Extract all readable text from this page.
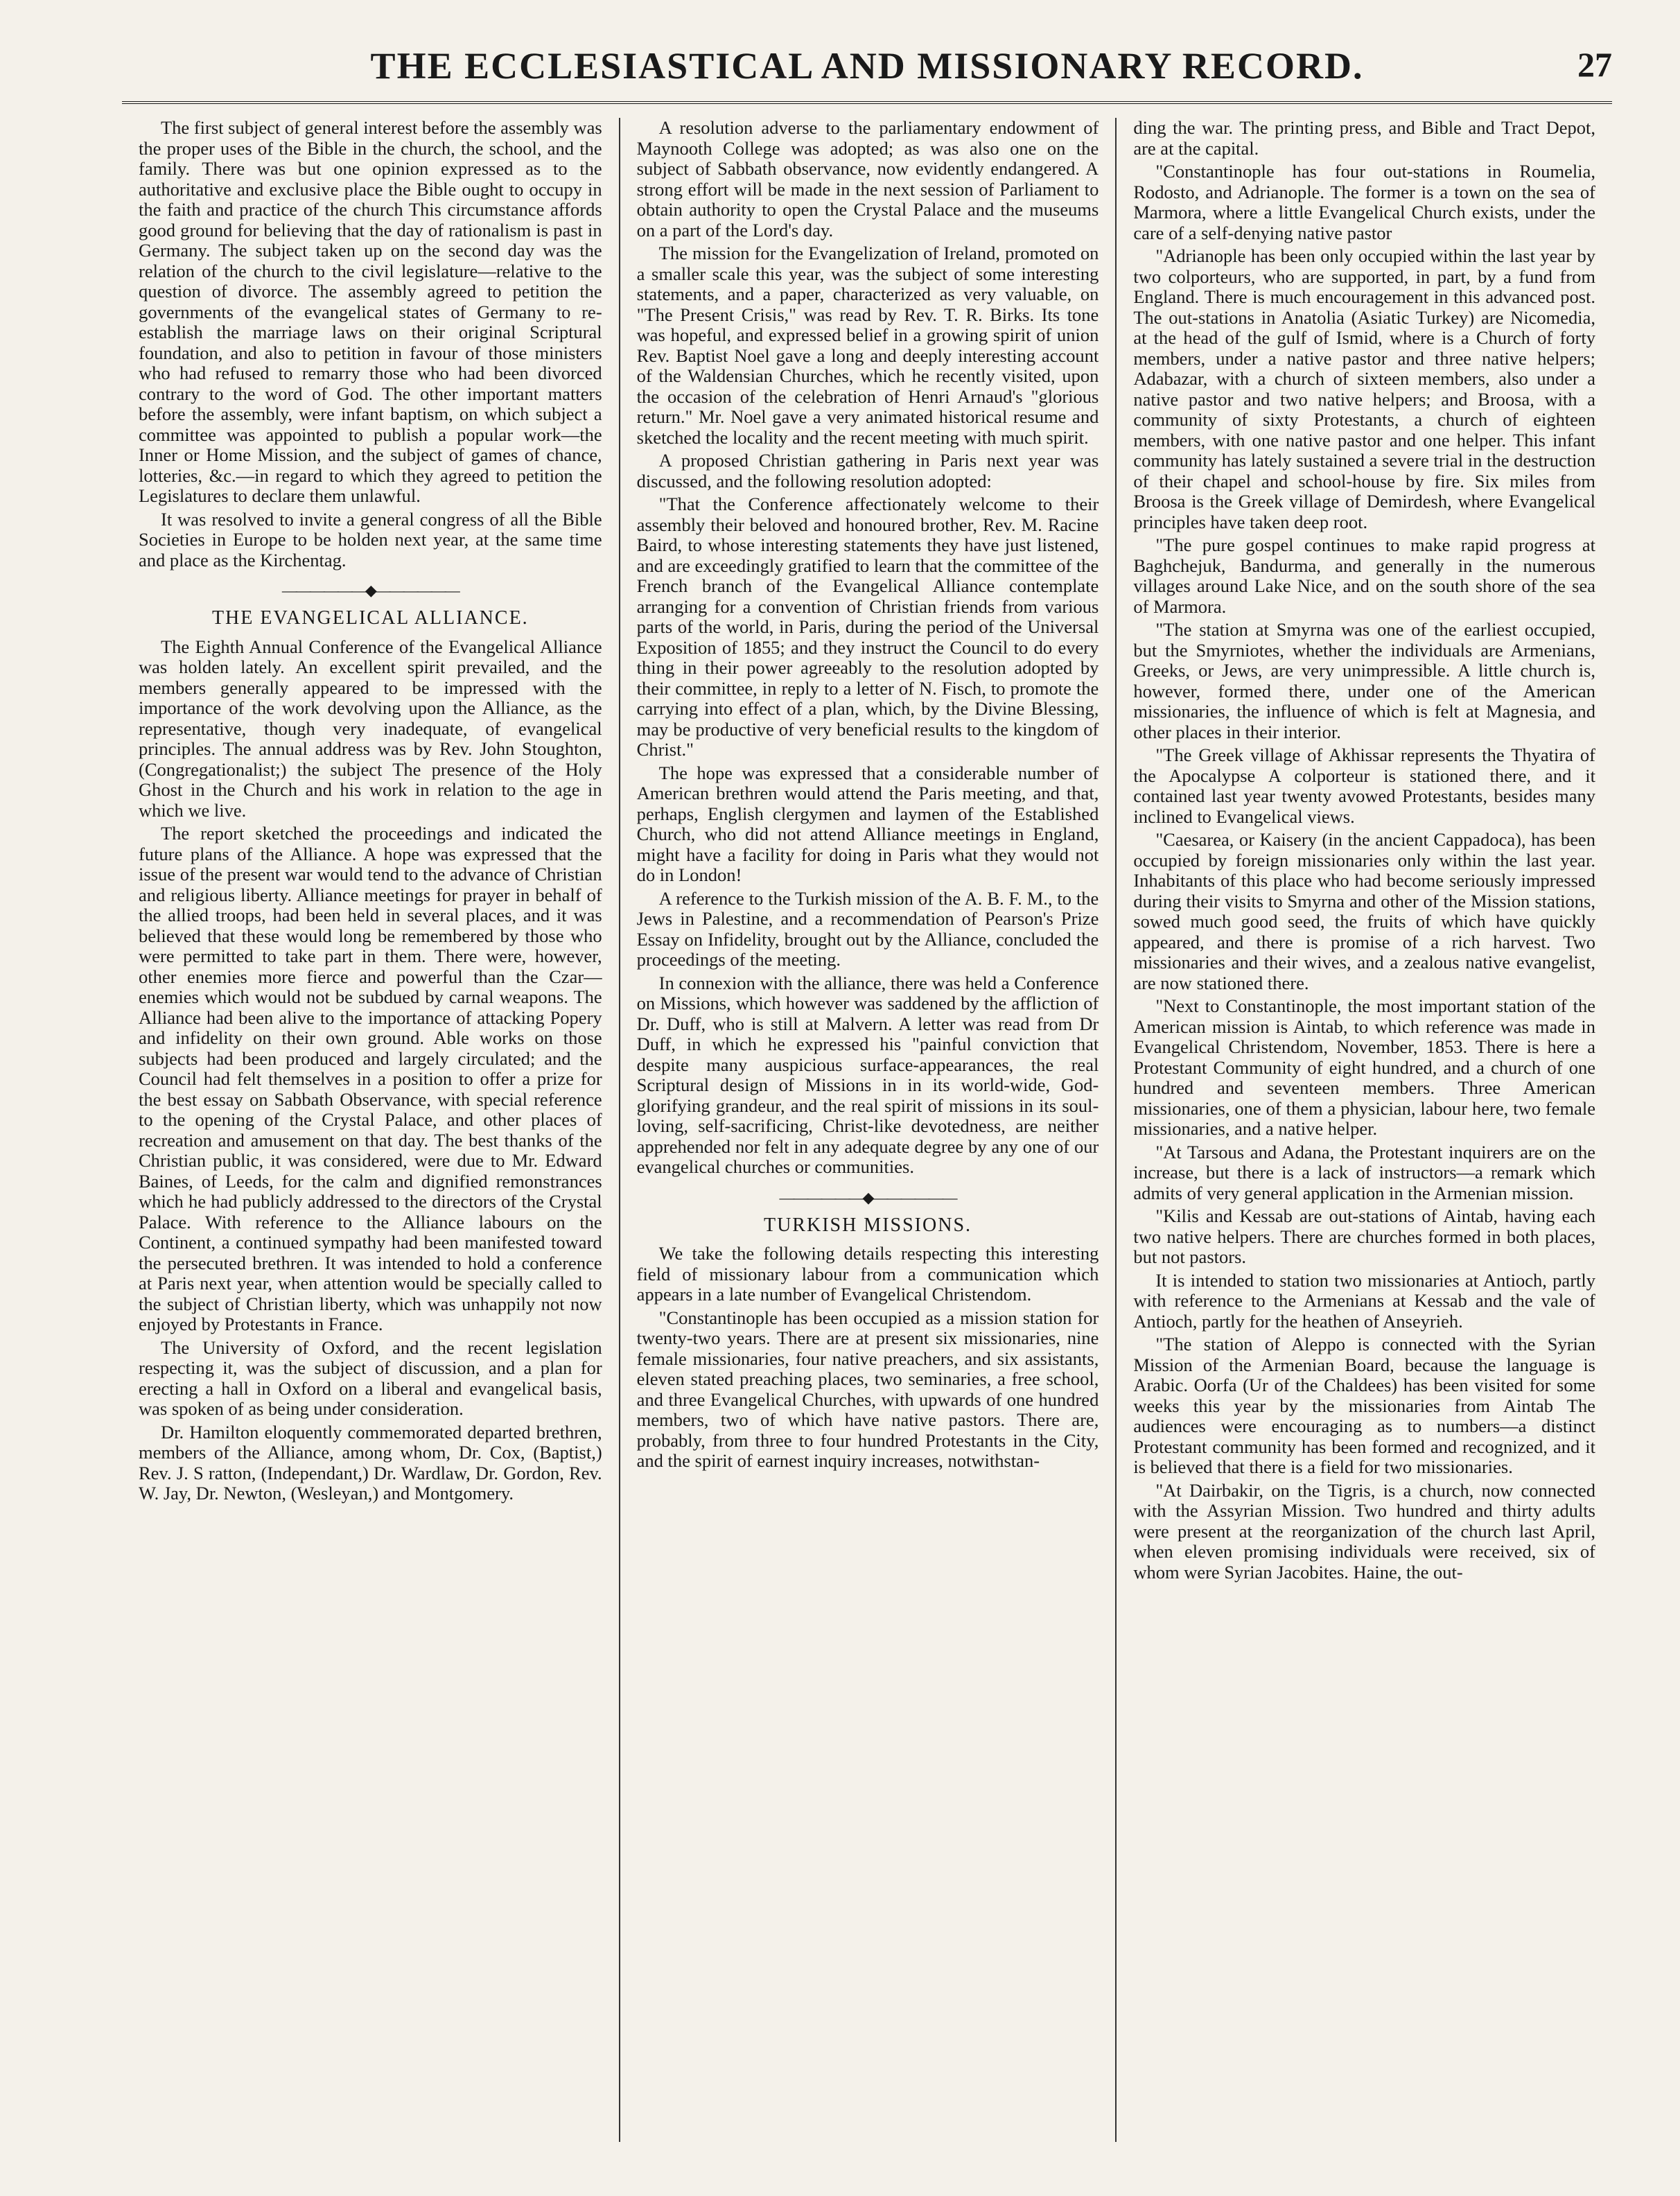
THE ECCLESIASTICAL AND MISSIONARY RECORD.	27

The first subject of general interest before the assembly was the proper uses of the Bible in the church, the school, and the family. There was but one opinion expressed as to the authoritative and exclusive place the Bible ought to occupy in the faith and practice of the church This circumstance affords good ground for believing that the day of rationalism is past in Germany. The subject taken up on the second day was the relation of the church to the civil legislature—relative to the question of divorce. The assembly agreed to petition the governments of the evangelical states of Germany to re-establish the marriage laws on their original Scriptural foundation, and also to petition in favour of those ministers who had refused to remarry those who had been divorced contrary to the word of God. The other important matters before the assembly, were infant baptism, on which subject a committee was appointed to publish a popular work—the Inner or Home Mission, and the subject of games of chance, lotteries, &c.—in regard to which they agreed to petition the Legislatures to declare them unlawful.

It was resolved to invite a general congress of all the Bible Societies in Europe to be holden next year, at the same time and place as the Kirchentag.

——————◆——————
THE EVANGELICAL ALLIANCE.

The Eighth Annual Conference of the Evangelical Alliance was holden lately. An excellent spirit prevailed, and the members generally appeared to be impressed with the importance of the work devolving upon the Alliance, as the representative, though very inadequate, of evangelical principles. The annual address was by Rev. John Stoughton, (Congregationalist;) the subject The presence of the Holy Ghost in the Church and his work in relation to the age in which we live.

The report sketched the proceedings and indicated the future plans of the Alliance. A hope was expressed that the issue of the present war would tend to the advance of Christian and religious liberty. Alliance meetings for prayer in behalf of the allied troops, had been held in several places, and it was believed that these would long be remembered by those who were permitted to take part in them. There were, however, other enemies more fierce and powerful than the Czar—enemies which would not be subdued by carnal weapons. The Alliance had been alive to the importance of attacking Popery and infidelity on their own ground. Able works on those subjects had been produced and largely circulated; and the Council had felt themselves in a position to offer a prize for the best essay on Sabbath Observance, with special reference to the opening of the Crystal Palace, and other places of recreation and amusement on that day. The best thanks of the Christian public, it was considered, were due to Mr. Edward Baines, of Leeds, for the calm and dignified remonstrances which he had publicly addressed to the directors of the Crystal Palace. With reference to the Alliance labours on the Continent, a continued sympathy had been manifested toward the persecuted brethren. It was intended to hold a conference at Paris next year, when attention would be specially called to the subject of Christian liberty, which was unhappily not now enjoyed by Protestants in France.

The University of Oxford, and the recent legislation respecting it, was the subject of discussion, and a plan for erecting a hall in Oxford on a liberal and evangelical basis, was spoken of as being under consideration.

Dr. Hamilton eloquently commemorated departed brethren, members of the Alliance, among whom, Dr. Cox, (Baptist,) Rev. J. S ratton, (Independant,) Dr. Wardlaw, Dr. Gordon, Rev. W. Jay, Dr. Newton, (Wesleyan,) and Montgomery.

A resolution adverse to the parliamentary endowment of Maynooth College was adopted; as was also one on the subject of Sabbath observance, now evidently endangered. A strong effort will be made in the next session of Parliament to obtain authority to open the Crystal Palace and the museums on a part of the Lord's day.

The mission for the Evangelization of Ireland, promoted on a smaller scale this year, was the subject of some interesting statements, and a paper, characterized as very valuable, on "The Present Crisis," was read by Rev. T. R. Birks. Its tone was hopeful, and expressed belief in a growing spirit of union Rev. Baptist Noel gave a long and deeply interesting account of the Waldensian Churches, which he recently visited, upon the occasion of the celebration of Henri Arnaud's "glorious return." Mr. Noel gave a very animated historical resume and sketched the locality and the recent meeting with much spirit.

A proposed Christian gathering in Paris next year was discussed, and the following resolution adopted:

"That the Conference affectionately welcome to their assembly their beloved and honoured brother, Rev. M. Racine Baird, to whose interesting statements they have just listened, and are exceedingly gratified to learn that the committee of the French branch of the Evangelical Alliance contemplate arranging for a convention of Christian friends from various parts of the world, in Paris, during the period of the Universal Exposition of 1855; and they instruct the Council to do every thing in their power agreeably to the resolution adopted by their committee, in reply to a letter of N. Fisch, to promote the carrying into effect of a plan, which, by the Divine Blessing, may be productive of very beneficial results to the kingdom of Christ."

The hope was expressed that a considerable number of American brethren would attend the Paris meeting, and that, perhaps, English clergymen and laymen of the Established Church, who did not attend Alliance meetings in England, might have a facility for doing in Paris what they would not do in London!

A reference to the Turkish mission of the A. B. F. M., to the Jews in Palestine, and a recommendation of Pearson's Prize Essay on Infidelity, brought out by the Alliance, concluded the proceedings of the meeting.

In connexion with the alliance, there was held a Conference on Missions, which however was saddened by the affliction of Dr. Duff, who is still at Malvern. A letter was read from Dr Duff, in which he expressed his "painful conviction that despite many auspicious surface-appearances, the real Scriptural design of Missions in in its world-wide, God-glorifying grandeur, and the real spirit of missions in its soul-loving, self-sacrificing, Christ-like devotedness, are neither apprehended nor felt in any adequate degree by any one of our evangelical churches or communities.

——————◆——————
TURKISH MISSIONS.

We take the following details respecting this interesting field of missionary labour from a communication which appears in a late number of Evangelical Christendom.

"Constantinople has been occupied as a mission station for twenty-two years. There are at present six missionaries, nine female missionaries, four native preachers, and six assistants, eleven stated preaching places, two seminaries, a free school, and three Evangelical Churches, with upwards of one hundred members, two of which have native pastors. There are, probably, from three to four hundred Protestants in the City, and the spirit of earnest inquiry increases, notwithstan-

ding the war. The printing press, and Bible and Tract Depot, are at the capital.

"Constantinople has four out-stations in Roumelia, Rodosto, and Adrianople. The former is a town on the sea of Marmora, where a little Evangelical Church exists, under the care of a self-denying native pastor

"Adrianople has been only occupied within the last year by two colporteurs, who are supported, in part, by a fund from England. There is much encouragement in this advanced post. The out-stations in Anatolia (Asiatic Turkey) are Nicomedia, at the head of the gulf of Ismid, where is a Church of forty members, under a native pastor and three native helpers; Adabazar, with a church of sixteen members, also under a native pastor and two native helpers; and Broosa, with a community of sixty Protestants, a church of eighteen members, with one native pastor and one helper. This infant community has lately sustained a severe trial in the destruction of their chapel and school-house by fire. Six miles from Broosa is the Greek village of Demirdesh, where Evangelical principles have taken deep root.

"The pure gospel continues to make rapid progress at Baghchejuk, Bandurma, and generally in the numerous villages around Lake Nice, and on the south shore of the sea of Marmora.

"The station at Smyrna was one of the earliest occupied, but the Smyrniotes, whether the individuals are Armenians, Greeks, or Jews, are very unimpressible. A little church is, however, formed there, under one of the American missionaries, the influence of which is felt at Magnesia, and other places in their interior.

"The Greek village of Akhissar represents the Thyatira of the Apocalypse A colporteur is stationed there, and it contained last year twenty avowed Protestants, besides many inclined to Evangelical views.

"Caesarea, or Kaisery (in the ancient Cappadoca), has been occupied by foreign missionaries only within the last year. Inhabitants of this place who had become seriously impressed during their visits to Smyrna and other of the Mission stations, sowed much good seed, the fruits of which have quickly appeared, and there is promise of a rich harvest. Two missionaries and their wives, and a zealous native evangelist, are now stationed there.

"Next to Constantinople, the most important station of the American mission is Aintab, to which reference was made in Evangelical Christendom, November, 1853. There is here a Protestant Community of eight hundred, and a church of one hundred and seventeen members. Three American missionaries, one of them a physician, labour here, two female missionaries, and a native helper.

"At Tarsous and Adana, the Protestant inquirers are on the increase, but there is a lack of instructors—a remark which admits of very general application in the Armenian mission.

"Kilis and Kessab are out-stations of Aintab, having each two native helpers. There are churches formed in both places, but not pastors.

It is intended to station two missionaries at Antioch, partly with reference to the Armenians at Kessab and the vale of Antioch, partly for the heathen of Anseyrieh.

"The station of Aleppo is connected with the Syrian Mission of the Armenian Board, because the language is Arabic. Oorfa (Ur of the Chaldees) has been visited for some weeks this year by the missionaries from Aintab The audiences were encouraging as to numbers—a distinct Protestant community has been formed and recognized, and it is believed that there is a field for two missionaries.

"At Dairbakir, on the Tigris, is a church, now connected with the Assyrian Mission. Two hundred and thirty adults were present at the reorganization of the church last April, when eleven promising individuals were received, six of whom were Syrian Jacobites. Haine, the out-
